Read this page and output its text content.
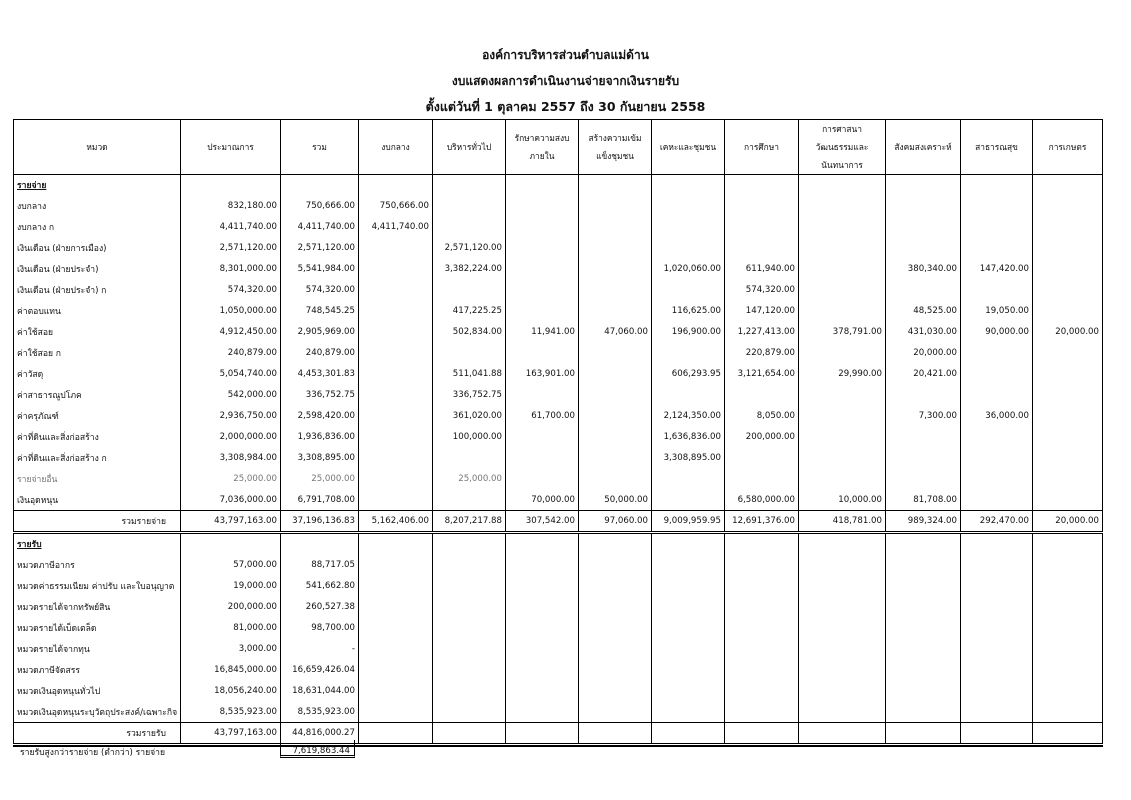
องค์การบริหารส่วนตำบลแม่ด้าน
งบแสดงผลการดำเนินงานจ่ายจากเงินรายรับ
ตั้งแต่วันที่ 1 ตุลาคม 2557 ถึง 30 กันยายน 2558
หมวด	ประมาณการ	รวม	งบกลาง	บริหารทั่วไป	รักษาความสงบภายใน	สร้างความเข้มแข็งชุมชน	เคหะและชุมชน	การศึกษา	การศาสนา วัฒนธรรมและนันทนาการ	สังคมสงเคราะห์	สาธารณสุข	การเกษตร
รายจ่าย												
งบกลาง	832,180.00	750,666.00	750,666.00									
งบกลาง ก	4,411,740.00	4,411,740.00	4,411,740.00									
เงินเดือน (ฝ่ายการเมือง)	2,571,120.00	2,571,120.00		2,571,120.00								
เงินเดือน (ฝ่ายประจำ)	8,301,000.00	5,541,984.00		3,382,224.00			1,020,060.00	611,940.00		380,340.00	147,420.00	
เงินเดือน (ฝ่ายประจำ) ก	574,320.00	574,320.00						574,320.00				
ค่าตอบแทน	1,050,000.00	748,545.25		417,225.25			116,625.00	147,120.00		48,525.00	19,050.00	
ค่าใช้สอย	4,912,450.00	2,905,969.00		502,834.00	11,941.00	47,060.00	196,900.00	1,227,413.00	378,791.00	431,030.00	90,000.00	20,000.00
ค่าใช้สอย ก	240,879.00	240,879.00						220,879.00		20,000.00		
ค่าวัสดุ	5,054,740.00	4,453,301.83		511,041.88	163,901.00		606,293.95	3,121,654.00	29,990.00	20,421.00		
ค่าสาธารณูปโภค	542,000.00	336,752.75		336,752.75								
ค่าครุภัณฑ์	2,936,750.00	2,598,420.00		361,020.00	61,700.00		2,124,350.00	8,050.00		7,300.00	36,000.00	
ค่าที่ดินและสิ่งก่อสร้าง	2,000,000.00	1,936,836.00		100,000.00			1,636,836.00	200,000.00				
ค่าที่ดินและสิ่งก่อสร้าง ก	3,308,984.00	3,308,895.00					3,308,895.00					
รายจ่ายอื่น	25,000.00	25,000.00		25,000.00								
เงินอุดหนุน	7,036,000.00	6,791,708.00			70,000.00	50,000.00		6,580,000.00	10,000.00	81,708.00		
รวมรายจ่าย	43,797,163.00	37,196,136.83	5,162,406.00	8,207,217.88	307,542.00	97,060.00	9,009,959.95	12,691,376.00	418,781.00	989,324.00	292,470.00	20,000.00
รายรับ												
หมวดภาษีอากร	57,000.00	88,717.05										
หมวดค่าธรรมเนียม ค่าปรับ และใบอนุญาต	19,000.00	541,662.80										
หมวดรายได้จากทรัพย์สิน	200,000.00	260,527.38										
หมวดรายได้เบ็ดเตล็ด	81,000.00	98,700.00										
หมวดรายได้จากทุน	3,000.00	-										
หมวดภาษีจัดสรร	16,845,000.00	16,659,426.04										
หมวดเงินอุดหนุนทั่วไป	18,056,240.00	18,631,044.00										
หมวดเงินอุดหนุนระบุวัตถุประสงค์/เฉพาะกิจ	8,535,923.00	8,535,923.00										
รวมรายรับ	43,797,163.00	44,816,000.27										

รายรับสูงกว่ารายจ่าย (ต่ำกว่า) รายจ่าย	7,619,863.44
